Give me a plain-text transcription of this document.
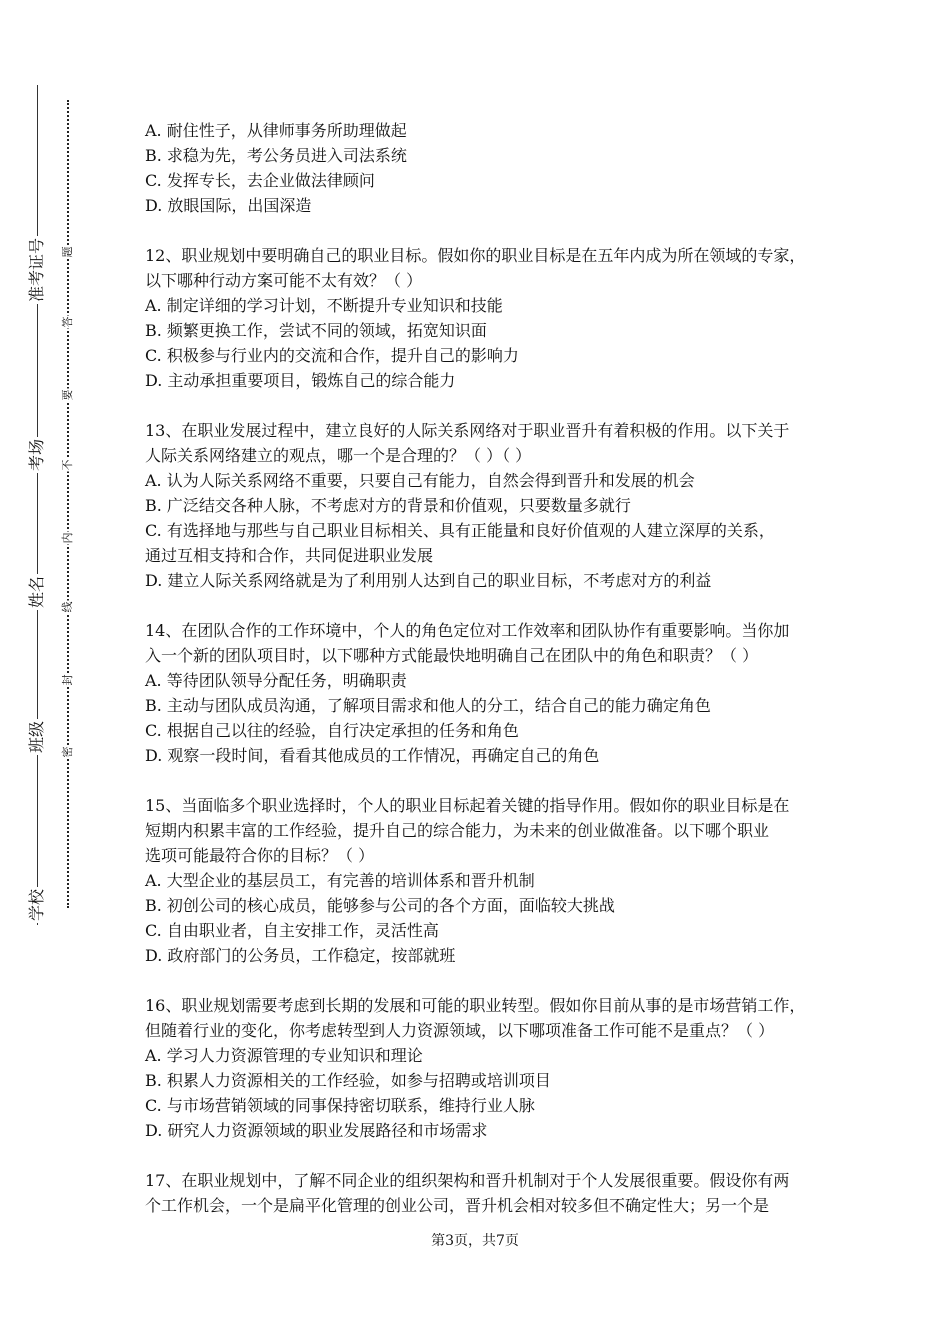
准考证号
考场
姓名
班级
学校
题
答
要
不
内
线
封
密
A. 耐住性子，从律师事务所助理做起
B. 求稳为先，考公务员进入司法系统
C. 发挥专长，去企业做法律顾问
D. 放眼国际，出国深造
12、职业规划中要明确自己的职业目标。假如你的职业目标是在五年内成为所在领域的专家，
以下哪种行动方案可能不太有效？（ ）
A. 制定详细的学习计划，不断提升专业知识和技能
B. 频繁更换工作，尝试不同的领域，拓宽知识面
C. 积极参与行业内的交流和合作，提升自己的影响力
D. 主动承担重要项目，锻炼自己的综合能力
13、在职业发展过程中，建立良好的人际关系网络对于职业晋升有着积极的作用。以下关于
人际关系网络建立的观点，哪一个是合理的？（ ）（ ）
A. 认为人际关系网络不重要，只要自己有能力，自然会得到晋升和发展的机会
B. 广泛结交各种人脉，不考虑对方的背景和价值观，只要数量多就行
C. 有选择地与那些与自己职业目标相关、具有正能量和良好价值观的人建立深厚的关系，
通过互相支持和合作，共同促进职业发展
D. 建立人际关系网络就是为了利用别人达到自己的职业目标，不考虑对方的利益
14、在团队合作的工作环境中，个人的角色定位对工作效率和团队协作有重要影响。当你加
入一个新的团队项目时，以下哪种方式能最快地明确自己在团队中的角色和职责？（ ）
A. 等待团队领导分配任务，明确职责
B. 主动与团队成员沟通，了解项目需求和他人的分工，结合自己的能力确定角色
C. 根据自己以往的经验，自行决定承担的任务和角色
D. 观察一段时间，看看其他成员的工作情况，再确定自己的角色
15、当面临多个职业选择时，个人的职业目标起着关键的指导作用。假如你的职业目标是在
短期内积累丰富的工作经验，提升自己的综合能力，为未来的创业做准备。以下哪个职业
选项可能最符合你的目标？（ ）
A. 大型企业的基层员工，有完善的培训体系和晋升机制
B. 初创公司的核心成员，能够参与公司的各个方面，面临较大挑战
C. 自由职业者，自主安排工作，灵活性高
D. 政府部门的公务员，工作稳定，按部就班
16、职业规划需要考虑到长期的发展和可能的职业转型。假如你目前从事的是市场营销工作，
但随着行业的变化，你考虑转型到人力资源领域，以下哪项准备工作可能不是重点？（ ）
A. 学习人力资源管理的专业知识和理论
B. 积累人力资源相关的工作经验，如参与招聘或培训项目
C. 与市场营销领域的同事保持密切联系，维持行业人脉
D. 研究人力资源领域的职业发展路径和市场需求
17、在职业规划中，了解不同企业的组织架构和晋升机制对于个人发展很重要。假设你有两
个工作机会，一个是扁平化管理的创业公司，晋升机会相对较多但不确定性大；另一个是
第3页，共7页
